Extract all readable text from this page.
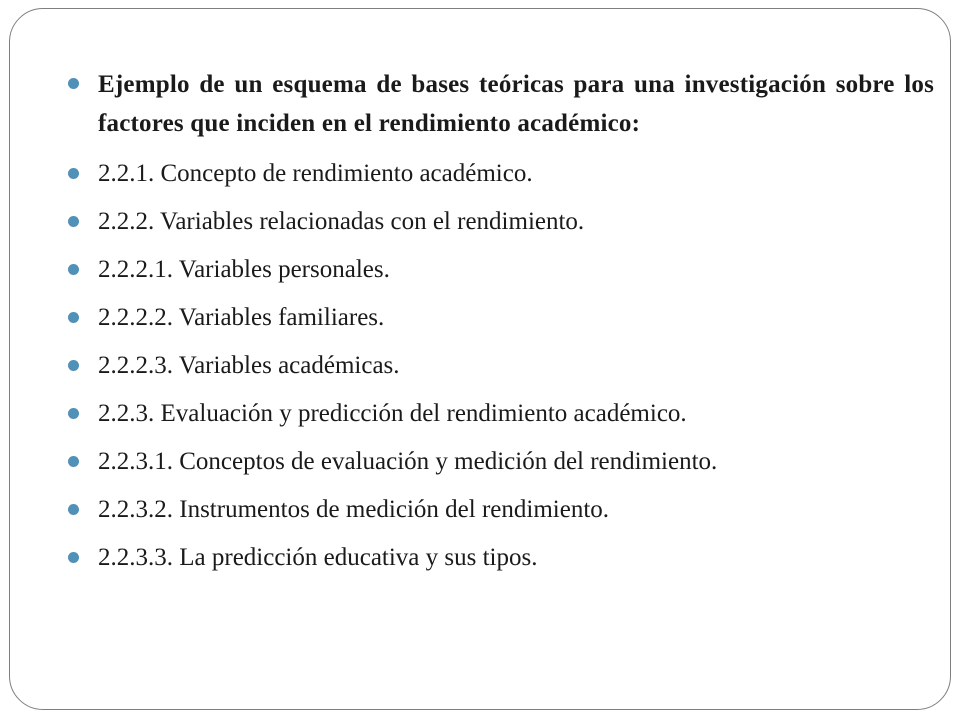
Ejemplo de un esquema de bases teóricas para una investigación sobre los factores que inciden en el rendimiento académico:
2.2.1. Concepto de rendimiento académico.
2.2.2. Variables relacionadas con el rendimiento.
2.2.2.1. Variables personales.
2.2.2.2. Variables familiares.
2.2.2.3. Variables académicas.
2.2.3. Evaluación y predicción del rendimiento académico.
2.2.3.1. Conceptos de evaluación y medición del rendimiento.
2.2.3.2. Instrumentos de medición del rendimiento.
2.2.3.3. La predicción educativa y sus tipos.
